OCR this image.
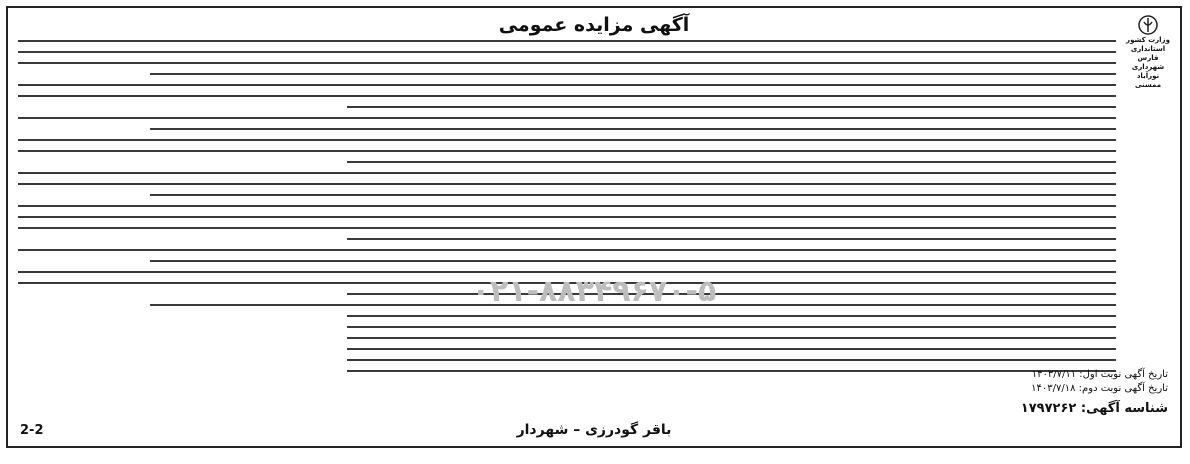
وزارت کشور
استانداری فارس
شهرداری نورآباد ممسنی
آگهی مزایده عمومی
۰۲۱-۸۸۳۴۹۶۷۰-۵
تاریخ آگهی نوبت اول: ۱۴۰۳/۷/۱۱
تاریخ آگهی نوبت دوم: ۱۴۰۳/۷/۱۸
شناسه آگهی: ۱۷۹۷۲۶۲
باقر گودرزی – شهردار
2-2
